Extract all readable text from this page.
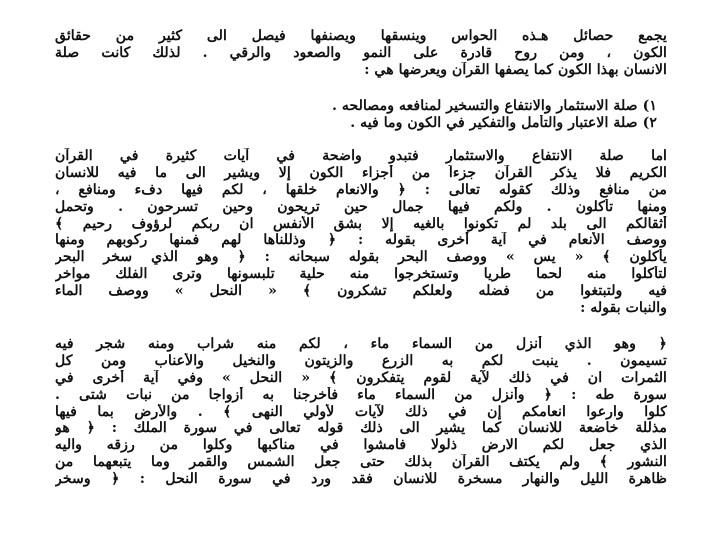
يجمع حصائل هـذه الحواس وينسقها ويصنفها فيصل الى كثير من حقائق
الكون ، ومن روح قادرة على النمو والصعود والرقي . لذلك كانت صلة
الانسان بهذا الكون كما يصفها القرآن ويعرضها هي :
١) صلة الاستثمار والانتفاع والتسخير لمنافعه ومصالحه .
٢) صلة الاعتبار والتأمل والتفكير في الكون وما فيه .
اما صلة الانتفاع والاستثمار فتبدو واضحة في آيات كثيرة في القرآن
الكريم فلا يذكر القرآن جزءاً من أجزاء الكون إلا ويشير الى ما فيه للانسان
من منافع وذلك كقوله تعالى : ﴿ والانعام خلقها ، لكم فيها دفء ومنافع ،
ومنها تأكلون . ولكم فيها جمال حين تريحون وحين تسرحون . وتحمل
أثقالكم الى بلد لم تكونوا بالغيه إلا بشق الأنفس ان ربكم لرؤوف رحيم ﴾
ووصف الأنعام في آية أخرى بقوله : ﴿ وذللناها لهم فمنها ركوبهم ومنها
يأكلون ﴾ « يس » ووصف البحر بقوله سبحانه : ﴿ وهو الذي سخر البحر
لتأكلوا منه لحما طريا وتستخرجوا منه حلية تلبسونها وترى الفلك مواخر
فيه ولتبتغوا من فضله ولعلكم تشكرون ﴾ « النحل » ووصف الماء
والنبات بقوله :
﴿ وهو الذي أنزل من السماء ماء ، لكم منه شراب ومنه شجر فيه
تسيمون . ينبت لكم به الزرع والزيتون والنخيل والأعناب ومن كل
الثمرات ان في ذلك لآية لقوم يتفكرون ﴾ « النحل » وفي آية أخرى في
سورة طه : ﴿ وأنزل من السماء ماء فأخرجنا به أزواجا من نبات شتى .
كلوا وارعوا انعامكم إن في ذلك لآيات لأولي النهى ﴾ . والأرض بما فيها
مذللة خاضعة للانسان كما يشير الى ذلك قوله تعالى في سورة الملك : ﴿ هو
الذي جعل لكم الارض ذلولا فامشوا في مناكبها وكلوا من رزقه واليه
النشور ﴾ ولم يكتف القرآن بذلك حتى جعل الشمس والقمر وما يتبعهما من
ظاهرة الليل والنهار مسخرة للانسان فقد ورد في سورة النحل : ﴿ وسخر
